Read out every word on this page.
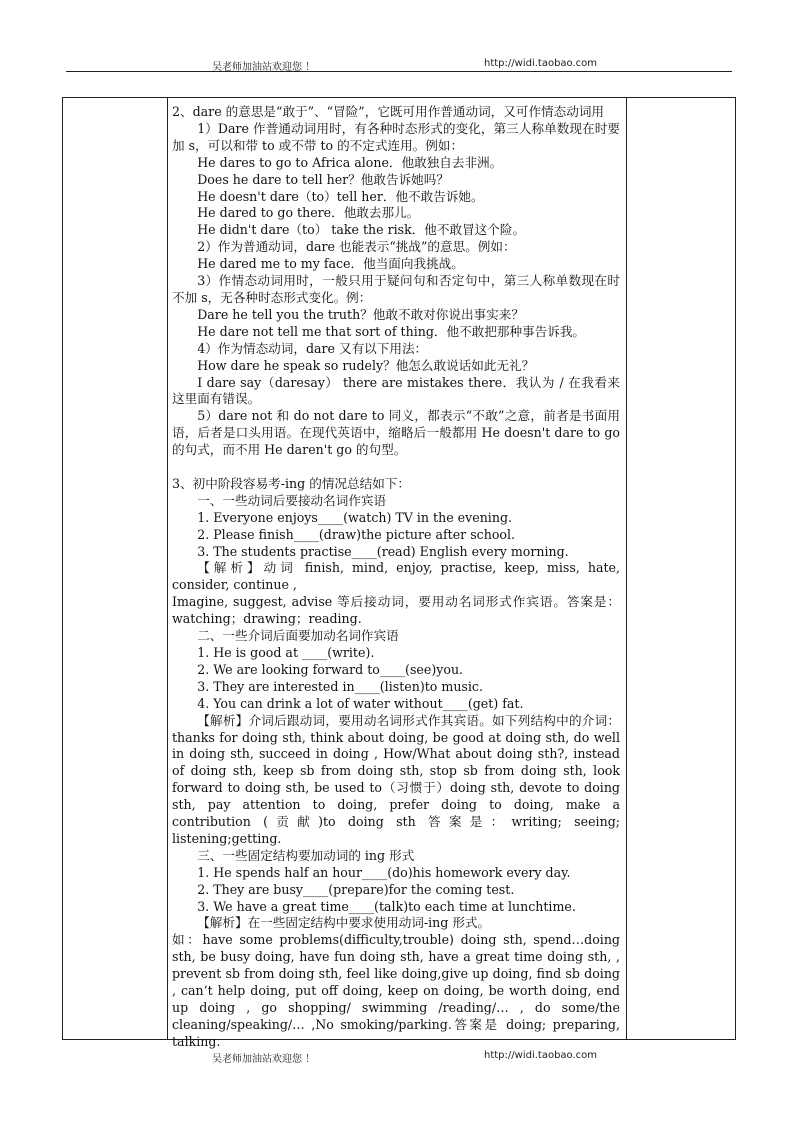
吴老师加油站欢迎您 ！	http://widi.taobao.com

2、dare 的意思是“敢于”、“冒险”，它既可用作普通动词，又可作情态动词用

1）Dare 作普通动词用时，有各种时态形式的变化，第三人称单数现在时要加 s，可以和带 to 或不带 to 的不定式连用。例如：

He dares to go to Africa alone．他敢独自去非洲。

Does he dare to tell her？他敢告诉她吗？

He doesn't dare（to）tell her．他不敢告诉她。

He dared to go there．他敢去那儿。

He didn't dare（to） take the risk．他不敢冒这个险。

2）作为普通动词，dare 也能表示“挑战”的意思。例如：

He dared me to my face．他当面向我挑战。

3）作情态动词用时，一般只用于疑问句和否定句中，第三人称单数现在时不加 s，无各种时态形式变化。例：

Dare he tell you the truth？他敢不敢对你说出事实来？

He dare not tell me that sort of thing．他不敢把那种事告诉我。

4）作为情态动词，dare 又有以下用法：

How dare he speak so rudely？他怎么敢说话如此无礼？

I dare say（daresay） there are mistakes there．我认为 / 在我看来这里面有错误。

5）dare not 和 do not dare to 同义，都表示“不敢”之意，前者是书面用语，后者是口头用语。在现代英语中，缩略后一般都用 He doesn't dare to go 的句式，而不用 He daren't go 的句型。

3、初中阶段容易考-ing 的情况总结如下：

一、一些动词后要接动名词作宾语

1. Everyone enjoys____(watch) TV in the evening.

2. Please finish____(draw)the picture after school.

3. The students practise____(read) English every morning.

【解析】动词 finish, mind, enjoy, practise, keep, miss, hate, consider, continue ,

Imagine, suggest, advise 等后接动词，要用动名词形式作宾语。答案是：watching；drawing；reading.

二、一些介词后面要加动名词作宾语

1. He is good at ____(write).

2. We are looking forward to____(see)you.

3. They are interested in____(listen)to music.

4. You can drink a lot of water without____(get) fat.

【解析】介词后跟动词，要用动名词形式作其宾语。如下列结构中的介词：thanks for doing sth, think about doing, be good at doing sth, do well in doing sth, succeed in doing , How/What about doing sth?, instead of doing sth, keep sb from doing sth, stop sb from doing sth, look forward to doing sth, be used to（习惯于）doing sth, devote to doing sth, pay attention to doing, prefer doing to doing, make a contribution (贡献)to doing sth 答案是：writing; seeing; listening;getting.

三、一些固定结构要加动词的 ing 形式

1. He spends half an hour____(do)his homework every day.

2. They are busy____(prepare)for the coming test.

3. We have a great time____(talk)to each time at lunchtime.

【解析】在一些固定结构中要求使用动词-ing 形式。

如：have some problems(difficulty,trouble) doing sth, spend…doing sth, be busy doing, have fun doing sth, have a great time doing sth, , prevent sb from doing sth, feel like doing,give up doing, find sb doing , can’t help doing, put off doing, keep on doing, be worth doing, end up doing , go shopping/ swimming /reading/… , do some/the cleaning/speaking/… ,No smoking/parking.答案是 doing; preparing, talking.

吴老师加油站欢迎您 ！	http://widi.taobao.com
